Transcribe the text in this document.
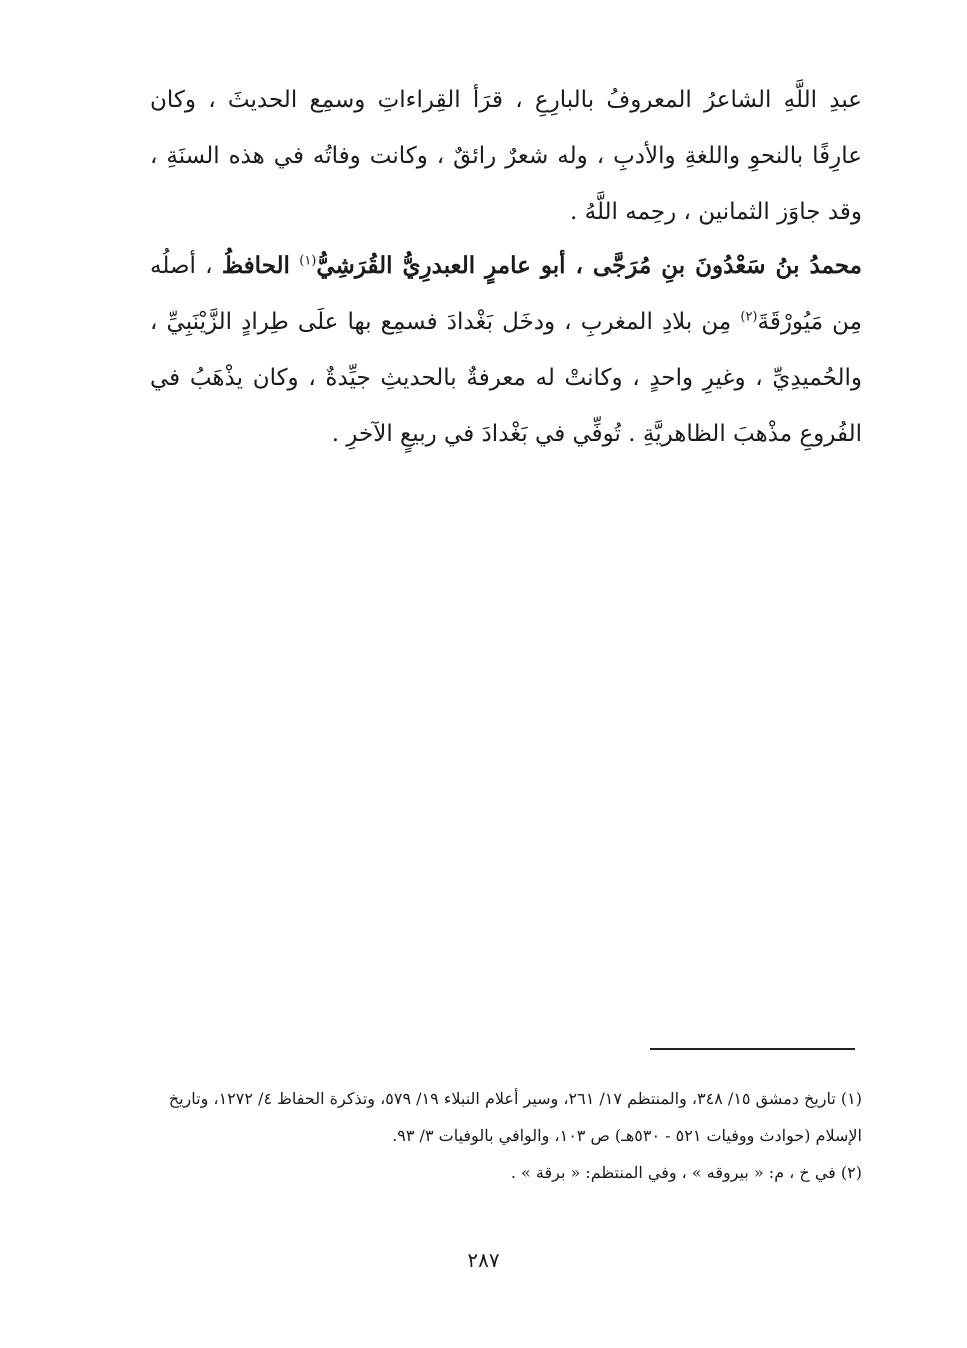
عبدِ اللَّهِ الشاعرُ المعروفُ بالبارِعِ ، قرَأ القِراءاتِ وسمِع الحديثَ ، وكان عارِفًا بالنحوِ واللغةِ والأدبِ ، وله شعرٌ رائقٌ ، وكانت وفاتُه في هذه السنَةِ ، وقد جاوَز الثمانين ، رحِمه اللَّهُ .

محمدُ بنُ سَعْدُونَ بنِ مُرَجَّى ، أبو عامرٍ العبدرِيُّ القُرَشِيُّ$^{(١)}$ الحافظُ ، أصلُه مِن مَيُورْقَةَ$^{(٢)}$ مِن بلادِ المغربِ ، ودخَل بَغْدادَ فسمِع بها علَى طِرادٍ الزَّيْنَبِيِّ ، والحُميدِيِّ ، وغيرِ واحدٍ ، وكانتْ له معرفةٌ بالحديثِ جيِّدةٌ ، وكان يذْهَبُ في الفُروعِ مذْهبَ الظاهريَّةِ . تُوفِّي في بَغْدادَ في ربيعٍ الآخرِ .

(١) تاريخ دمشق ١٥/ ٣٤٨، والمنتظم ١٧/ ٢٦١، وسير أعلام النبلاء ١٩/ ٥٧٩، وتذكرة الحفاظ ٤/ ١٢٧٢، وتاريخ الإسلام (حوادث ووفيات ٥٢١ - ٥٣٠هـ) ص ١٠٣، والوافي بالوفيات ٣/ ٩٣.

(٢) في خ ، م: « بيروقه » ، وفي المنتظم: « برقة » .

٢٨٧
